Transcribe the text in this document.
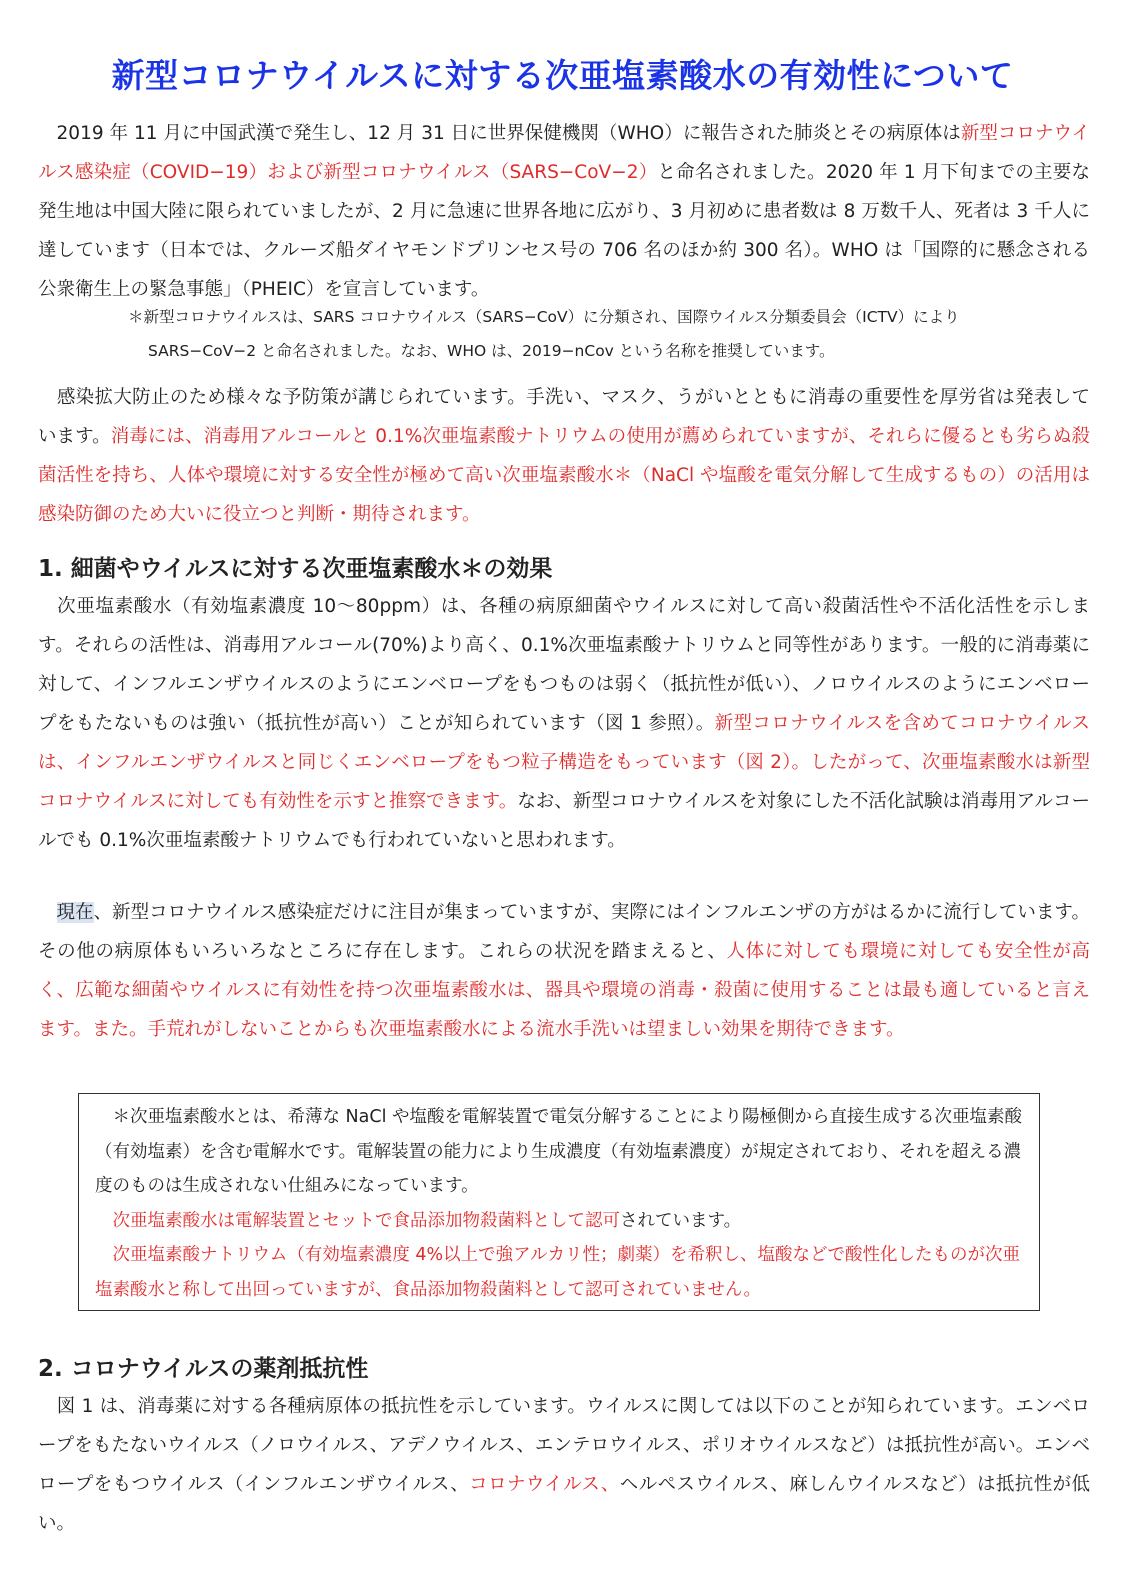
新型コロナウイルスに対する次亜塩素酸水の有効性について
　2019 年 11 月に中国武漢で発生し、12 月 31 日に世界保健機関（WHO）に報告された肺炎とその病原体は新型コロナウイルス感染症（COVID−19）および新型コロナウイルス（SARS−CoV−2）と命名されました。2020 年 1 月下旬までの主要な発生地は中国大陸に限られていましたが、2 月に急速に世界各地に広がり、3 月初めに患者数は 8 万数千人、死者は 3 千人に達しています（日本では、クルーズ船ダイヤモンドプリンセス号の 706 名のほか約 300 名）。WHO は「国際的に懸念される公衆衛生上の緊急事態」（PHEIC）を宣言しています。
＊新型コロナウイルスは、SARS コロナウイルス（SARS−CoV）に分類され、国際ウイルス分類委員会（ICTV）により
SARS−CoV−2 と命名されました。なお、WHO は、2019−nCov という名称を推奨しています。
　感染拡大防止のため様々な予防策が講じられています。手洗い、マスク、うがいとともに消毒の重要性を厚労省は発表しています。消毒には、消毒用アルコールと 0.1%次亜塩素酸ナトリウムの使用が薦められていますが、それらに優るとも劣らぬ殺菌活性を持ち、人体や環境に対する安全性が極めて高い次亜塩素酸水＊（NaCl や塩酸を電気分解して生成するもの）の活用は感染防御のため大いに役立つと判断・期待されます。
1. 細菌やウイルスに対する次亜塩素酸水＊の効果
　次亜塩素酸水（有効塩素濃度 10～80ppm）は、各種の病原細菌やウイルスに対して高い殺菌活性や不活化活性を示します。それらの活性は、消毒用アルコール(70%)より高く、0.1%次亜塩素酸ナトリウムと同等性があります。一般的に消毒薬に対して、インフルエンザウイルスのようにエンベロープをもつものは弱く（抵抗性が低い）、ノロウイルスのようにエンベロープをもたないものは強い（抵抗性が高い）ことが知られています（図 1 参照）。新型コロナウイルスを含めてコロナウイルスは、インフルエンザウイルスと同じくエンベロープをもつ粒子構造をもっています（図 2）。したがって、次亜塩素酸水は新型コロナウイルスに対しても有効性を示すと推察できます。なお、新型コロナウイルスを対象にした不活化試験は消毒用アルコールでも 0.1%次亜塩素酸ナトリウムでも行われていないと思われます。
　現在、新型コロナウイルス感染症だけに注目が集まっていますが、実際にはインフルエンザの方がはるかに流行しています。その他の病原体もいろいろなところに存在します。これらの状況を踏まえると、人体に対しても環境に対しても安全性が高く、広範な細菌やウイルスに有効性を持つ次亜塩素酸水は、器具や環境の消毒・殺菌に使用することは最も適していると言えます。また。手荒れがしないことからも次亜塩素酸水による流水手洗いは望ましい効果を期待できます。

　＊次亜塩素酸水とは、希薄な NaCl や塩酸を電解装置で電気分解することにより陽極側から直接生成する次亜塩素酸（有効塩素）を含む電解水です。電解装置の能力により生成濃度（有効塩素濃度）が規定されており、それを超える濃度のものは生成されない仕組みになっています。

　次亜塩素酸水は電解装置とセットで食品添加物殺菌料として認可されています。

　次亜塩素酸ナトリウム（有効塩素濃度 4%以上で強アルカリ性；劇薬）を希釈し、塩酸などで酸性化したものが次亜塩素酸水と称して出回っていますが、食品添加物殺菌料として認可されていません。

2. コロナウイルスの薬剤抵抗性
　図 1 は、消毒薬に対する各種病原体の抵抗性を示しています。ウイルスに関しては以下のことが知られています。エンベロープをもたないウイルス（ノロウイルス、アデノウイルス、エンテロウイルス、ポリオウイルスなど）は抵抗性が高い。エンベロープをもつウイルス（インフルエンザウイルス、コロナウイルス、ヘルペスウイルス、麻しんウイルスなど）は抵抗性が低い。
